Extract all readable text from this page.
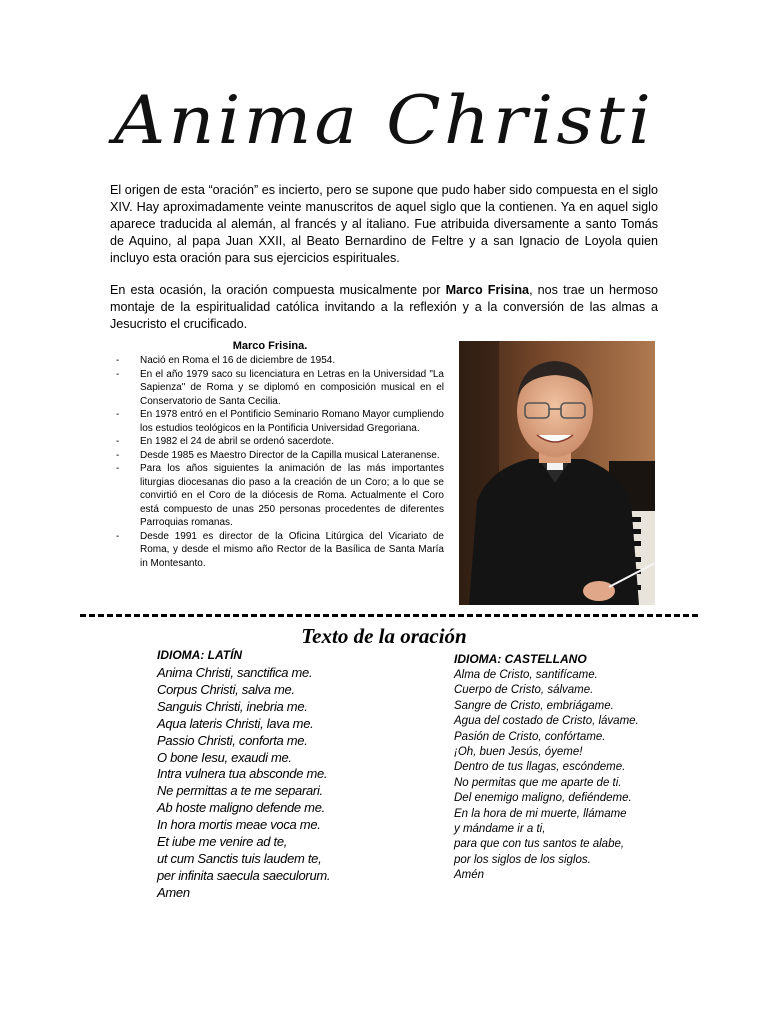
Anima Christi

El origen de esta “oración” es incierto, pero se supone que pudo haber sido compuesta en el siglo XIV. Hay aproximadamente veinte manuscritos de aquel siglo que la contienen. Ya en aquel siglo aparece traducida al alemán, al francés y al italiano. Fue atribuida diversamente a santo Tomás de Aquino, al papa Juan XXII, al Beato Bernardino de Feltre y a san Ignacio de Loyola quien incluyo esta oración para sus ejercicios espirituales.

En esta ocasión, la oración compuesta musicalmente por Marco Frisina, nos trae un hermoso montaje de la espiritualidad católica invitando a la reflexión y a la conversión de las almas a Jesucristo el crucificado.

Marco Frisina.
- Nació en Roma el 16 de diciembre de 1954.
- En el año 1979 saco su licenciatura en Letras en la Universidad "La Sapienza" de Roma y se diplomó en composición musical en el Conservatorio de Santa Cecilia.
- En 1978 entró en el Pontificio Seminario Romano Mayor cumpliendo los estudios teológicos en la Pontificia Universidad Gregoriana.
- En 1982 el 24 de abril se ordenó sacerdote.
- Desde 1985 es Maestro Director de la Capilla musical Lateranense.
- Para los años siguientes la animación de las más importantes liturgias diocesanas dio paso a la creación de un Coro; a lo que se convirtió en el Coro de la diócesis de Roma. Actualmente el Coro está compuesto de unas 250 personas procedentes de diferentes Parroquias romanas.
- Desde 1991 es director de la Oficina Litúrgica del Vicariato de Roma, y desde el mismo año Rector de la Basílica de Santa María in Montesanto.
Texto de la oración
IDIOMA: LATÍN
Anima Christi, sanctifica me.
Corpus Christi, salva me.
Sanguis Christi, inebria me.
Aqua lateris Christi, lava me.
Passio Christi, conforta me.
O bone Iesu, exaudi me.
Intra vulnera tua absconde me.
Ne permittas a te me separari.
Ab hoste maligno defende me.
In hora mortis meae voca me.
Et iube me venire ad te,
ut cum Sanctis tuis laudem te,
per infinita saecula saeculorum.
Amen
IDIOMA: CASTELLANO
Alma de Cristo, santifícame.
Cuerpo de Cristo, sálvame.
Sangre de Cristo, embriágame.
Agua del costado de Cristo, lávame.
Pasión de Cristo, confórtame.
¡Oh, buen Jesús, óyeme!
Dentro de tus llagas, escóndeme.
No permitas que me aparte de ti.
Del enemigo maligno, defiéndeme.
En la hora de mi muerte, llámame
y mándame ir a ti,
para que con tus santos te alabe,
por los siglos de los siglos.
Amén
